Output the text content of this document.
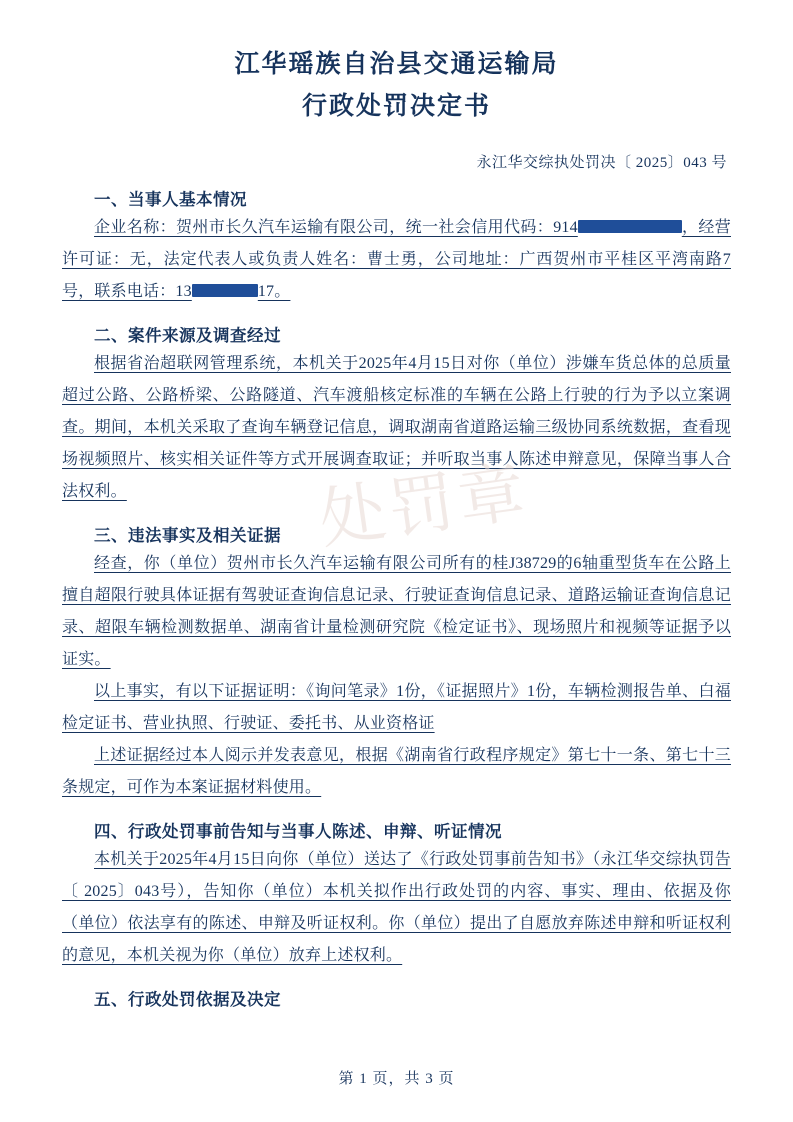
江华瑶族自治县交通运输局
行政处罚决定书
永江华交综执处罚决〔 2025〕043 号
一、当事人基本情况

企业名称：贺州市长久汽车运输有限公司，统一社会信用代码：914	，经营许可证：无，法定代表人或负责人姓名：曹士勇，公司地址：广西贺州市平桂区平湾南路7号，联系电话：13	17。

二、案件来源及调查经过

根据省治超联网管理系统，本机关于2025年4月15日对你（单位）涉嫌车货总体的总质量超过公路、公路桥梁、公路隧道、汽车渡船核定标准的车辆在公路上行驶的行为予以立案调查。期间，本机关采取了查询车辆登记信息，调取湖南省道路运输三级协同系统数据，查看现场视频照片、核实相关证件等方式开展调查取证；并听取当事人陈述申辩意见，保障当事人合法权利。

三、违法事实及相关证据

经查，你（单位）贺州市长久汽车运输有限公司所有的桂J38729的6轴重型货车在公路上擅自超限行驶具体证据有驾驶证查询信息记录、行驶证查询信息记录、道路运输证查询信息记录、超限车辆检测数据单、湖南省计量检测研究院《检定证书》、现场照片和视频等证据予以证实。

以上事实，有以下证据证明：《询问笔录》1份，《证据照片》1份，车辆检测报告单、白福检定证书、营业执照、行驶证、委托书、从业资格证

上述证据经过本人阅示并发表意见，根据《湖南省行政程序规定》第七十一条、第七十三条规定，可作为本案证据材料使用。

四、行政处罚事前告知与当事人陈述、申辩、听证情况

本机关于2025年4月15日向你（单位）送达了《行政处罚事前告知书》（永江华交综执罚告〔 2025〕043号），告知你（单位）本机关拟作出行政处罚的内容、事实、理由、依据及你（单位）依法享有的陈述、申辩及听证权利。你（单位）提出了自愿放弃陈述申辩和听证权利的意见，本机关视为你（单位）放弃上述权利。

五、行政处罚依据及决定
处罚章
第 1 页，共 3 页
